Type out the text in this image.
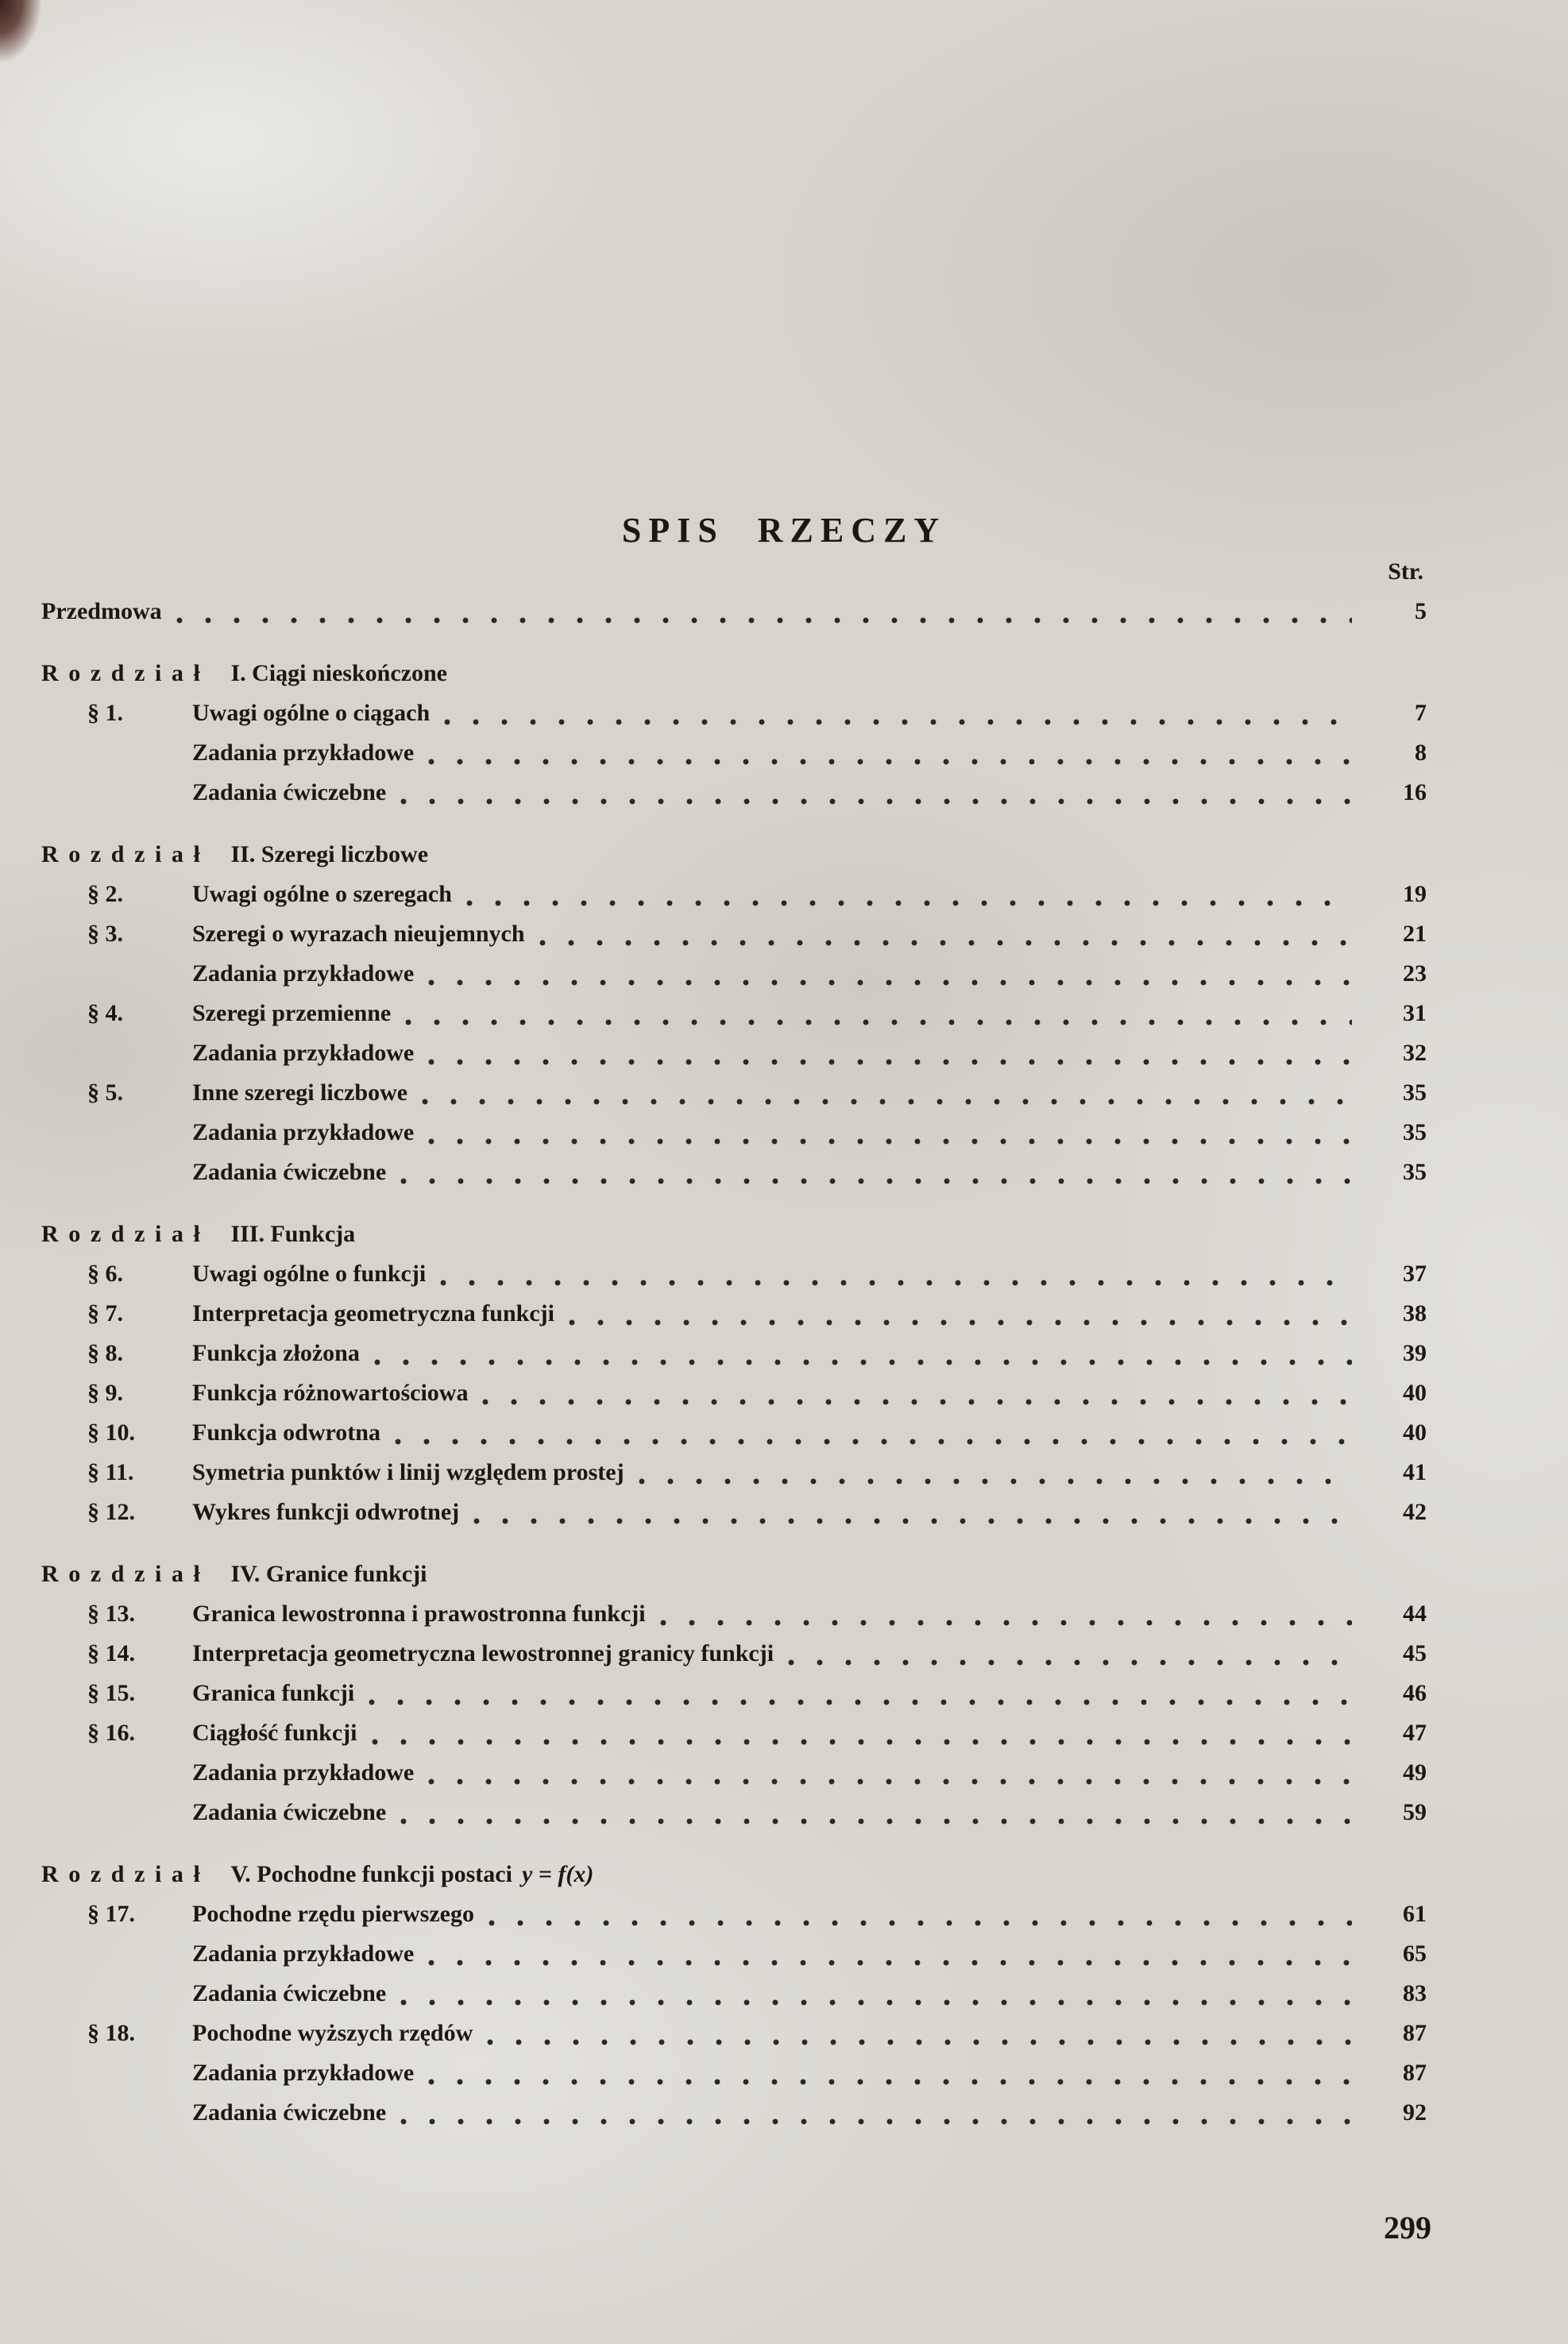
SPIS RZECZY
Str.
Przedmowa	5
Rozdział I. Ciągi nieskończone
§ 1.	Uwagi ogólne o ciągach	7
Zadania przykładowe	8
Zadania ćwiczebne	16
Rozdział II. Szeregi liczbowe
§ 2.	Uwagi ogólne o szeregach	19
§ 3.	Szeregi o wyrazach nieujemnych	21
Zadania przykładowe	23
§ 4.	Szeregi przemienne	31
Zadania przykładowe	32
§ 5.	Inne szeregi liczbowe	35
Zadania przykładowe	35
Zadania ćwiczebne	35
Rozdział III. Funkcja
§ 6.	Uwagi ogólne o funkcji	37
§ 7.	Interpretacja geometryczna funkcji	38
§ 8.	Funkcja złożona	39
§ 9.	Funkcja różnowartościowa	40
§ 10.	Funkcja odwrotna	40
§ 11.	Symetria punktów i linij względem prostej	41
§ 12.	Wykres funkcji odwrotnej	42
Rozdział IV. Granice funkcji
§ 13.	Granica lewostronna i prawostronna funkcji	44
§ 14.	Interpretacja geometryczna lewostronnej granicy funkcji	45
§ 15.	Granica funkcji	46
§ 16.	Ciągłość funkcji	47
Zadania przykładowe	49
Zadania ćwiczebne	59
Rozdział V. Pochodne funkcji postaci y = f(x)
§ 17.	Pochodne rzędu pierwszego	61
Zadania przykładowe	65
Zadania ćwiczebne	83
§ 18.	Pochodne wyższych rzędów	87
Zadania przykładowe	87
Zadania ćwiczebne	92
299
